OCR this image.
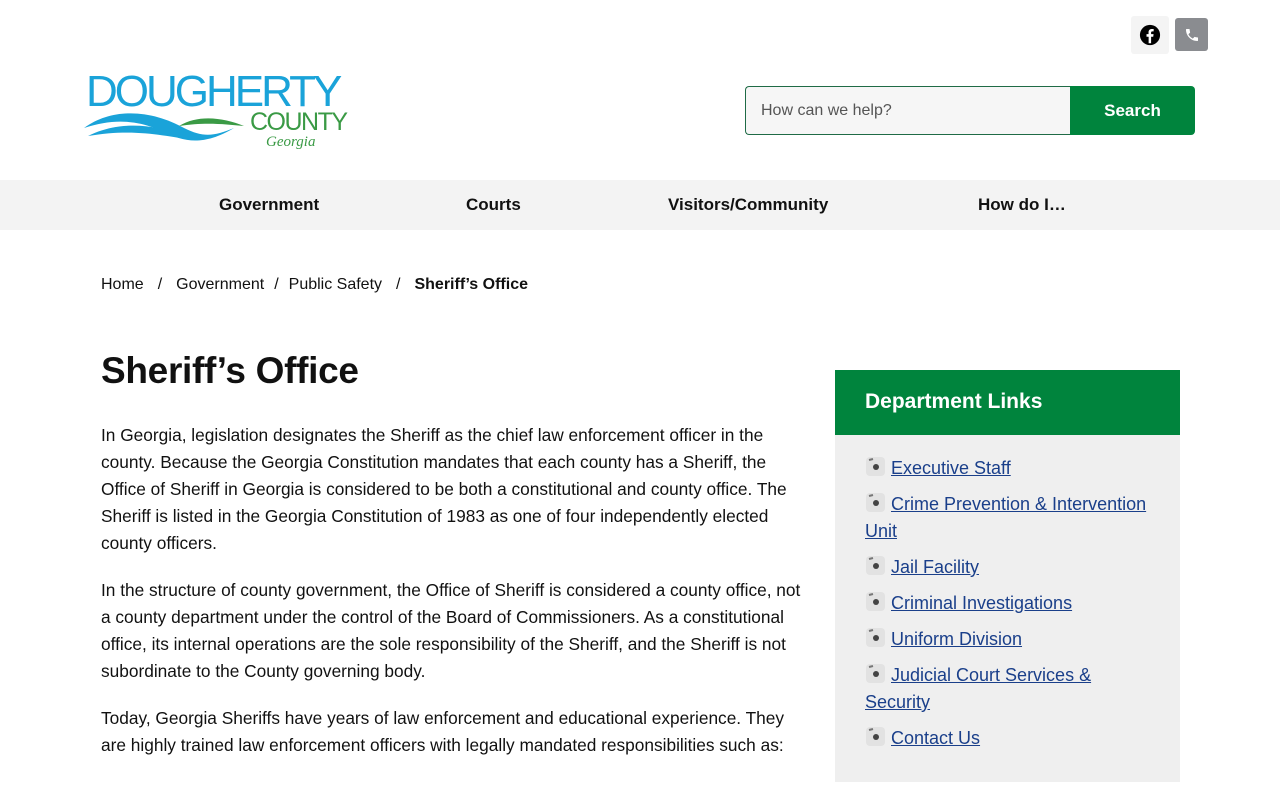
DOUGHERTY
COUNTY
Georgia
How can we help?
Search
Government	Courts	Visitors/Community	How do I…
Home / Government / Public Safety / Sheriff’s Office
Sheriff’s Office

In Georgia, legislation designates the Sheriff as the chief law enforcement officer in the county. Because the Georgia Constitution mandates that each county has a Sheriff, the Office of Sheriff in Georgia is considered to be both a constitutional and county office. The Sheriff is listed in the Georgia Constitution of 1983 as one of four independently elected county officers.

In the structure of county government, the Office of Sheriff is considered a county office, not a county department under the control of the Board of Commissioners. As a constitutional office, its internal operations are the sole responsibility of the Sheriff, and the Sheriff is not subordinate to the County governing body.

Today, Georgia Sheriffs have years of law enforcement and educational experience. They are highly trained law enforcement officers with legally mandated responsibilities such as:

Department Links
Executive Staff
Crime Prevention & Intervention Unit
Jail Facility
Criminal Investigations
Uniform Division
Judicial Court Services & Security
Contact Us
